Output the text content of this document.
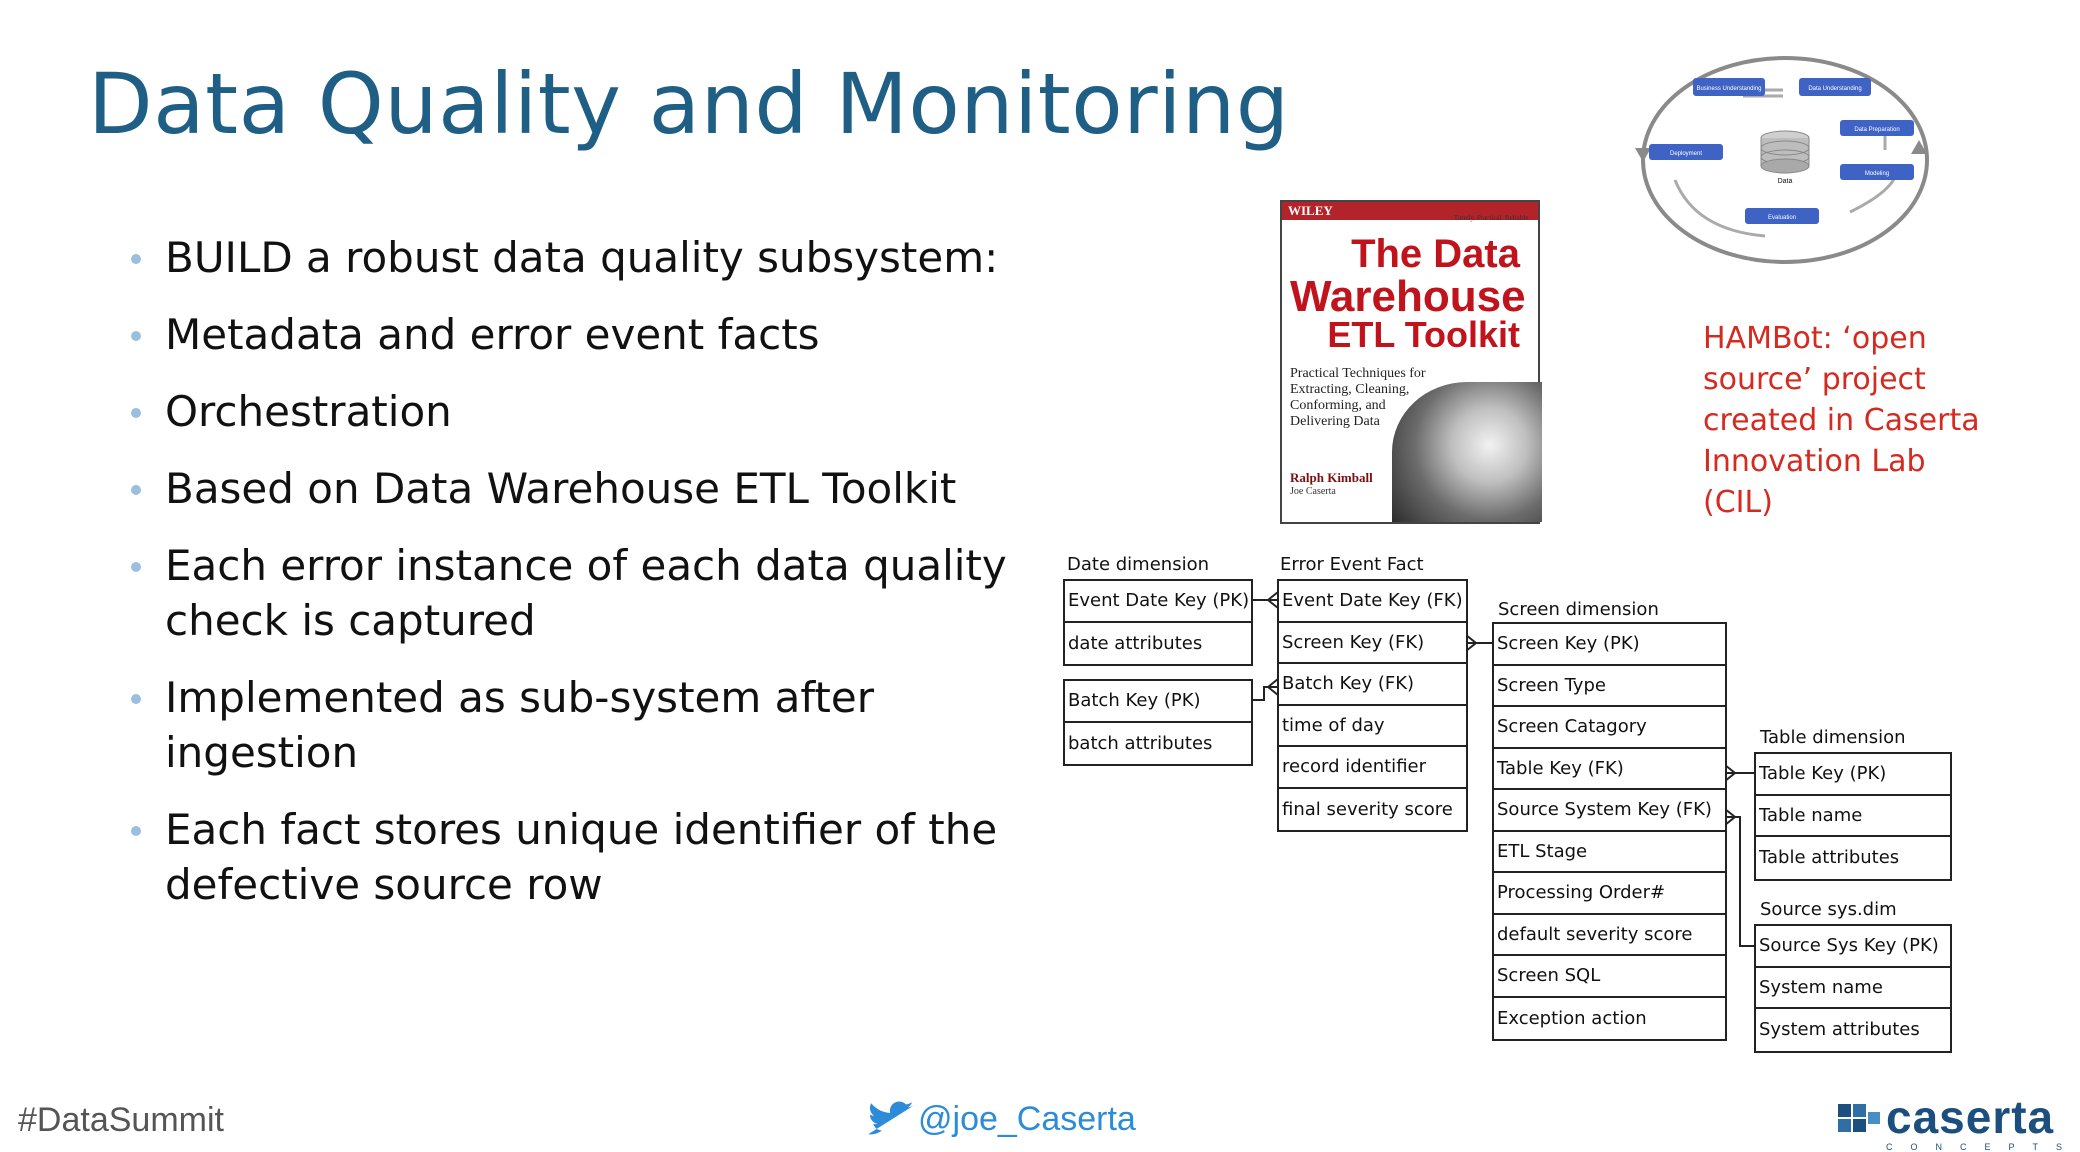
Data Quality and Monitoring
BUILD a robust data quality subsystem:
Metadata and error event facts
Orchestration
Based on Data Warehouse ETL Toolkit
Each error instance of each data quality check is captured
Implemented as sub-system after ingestion
Each fact stores unique identifier of the defective source row
Business Understanding	Data Understanding
Data Preparation
Modeling
Evaluation
Deployment
Data
WILEY	Timely. Practical. Reliable.
The Data
Warehouse
ETL Toolkit
Practical Techniques for Extracting, Cleaning, Conforming, and Delivering Data
Ralph Kimball
Joe Caserta
HAMBot: ‘open source’ project created in Caserta Innovation Lab (CIL)
Date dimension
Event Date Key (PK)
date attributes
Batch Key (PK)
batch attributes
Error Event Fact
Event Date Key (FK)
Screen Key (FK)
Batch Key (FK)
time of day
record identifier
final severity score
Screen dimension
Screen Key (PK)
Screen Type
Screen Catagory
Table Key (FK)
Source System Key (FK)
ETL Stage
Processing Order#
default severity score
Screen SQL
Exception action
Table dimension
Table Key (PK)
Table name
Table attributes
Source sys.dim
Source Sys Key (PK)
System name
System attributes
#DataSummit	@joe_Caserta	caserta
CONCEPTS
